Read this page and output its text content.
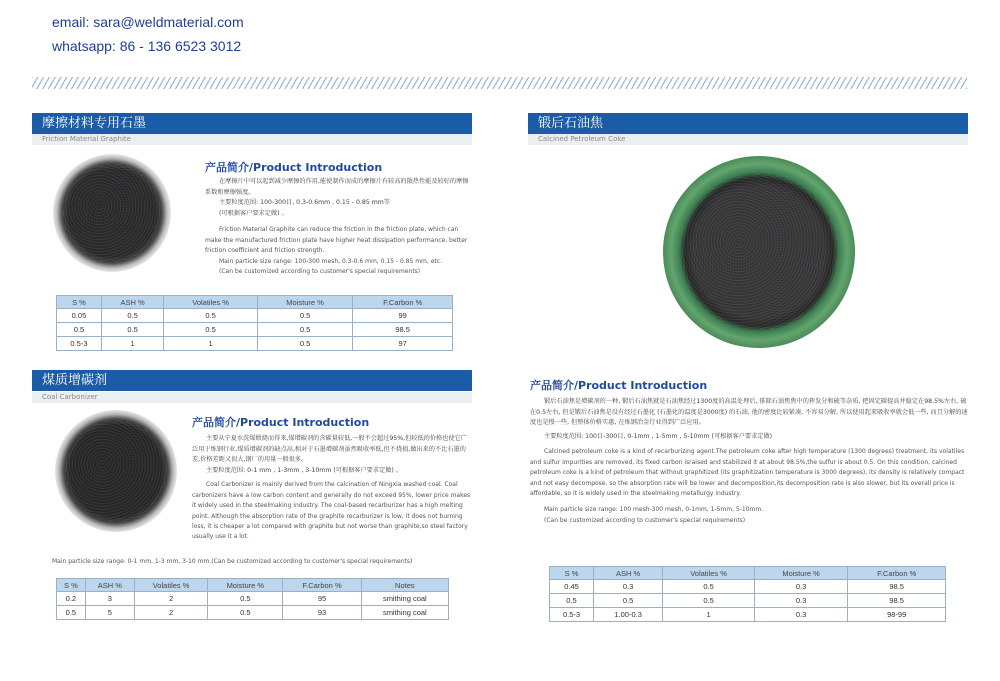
email: sara@weldmaterial.com
whatsapp: 86 - 136 6523 3012
摩擦材料专用石墨
Friction Material Graphite
产品简介/Product Introduction

在摩擦片中可以起到减少摩擦的作用,能使制作而成的摩擦片有较高的散热性能及较好的摩擦系数和摩擦强度。

主要粒度范围: 100-300目, 0.3-0.6mm , 0.15 - 0.85 mm等

(可根据客户要求定做) 。

Friction Material Graphite can reduce the friction in the friction plate, which can make the manufactured friction plate have higher heat dissipation performance, better friction coefficient and friction strength.

Main particle size range: 100-300 mesh, 0.3-0.6 mm, 0.15 - 0.85 mm, etc.

(Can be customized according to customer's special requirements)

S %	ASH %	Volatiles %	Moisture %	F.Carbon %
0.05	0.5	0.5	0.5	99
0.5	0.5	0.5	0.5	98.5
0.5-3	1	1	0.5	97
煤质增碳剂
Coal Carbonizer
产品简介/Product Introduction

主要从宁夏水洗煤煅烧而得来,煤增碳剂的含碳量较低,一般不会超过95%,但较低的价格也使它广泛用于炼钢行业,煤质增碳剂的缺点高,相对于石墨增碳剂虽然吸收率低,但不烧损,做出来的不比石墨的差,价格差距又很大,钢厂的用量一般很多。

主要粒度范围: 0-1 mm , 1-3mm , 3-10mm (可根据客户要求定做) 。

Coal Carbonizer is mainly derived from the calcination of Ningxia washed coal. Coal carbonizers have a low carbon content and generally do not exceed 95%, lower price makes it widely used in the steelmaking industry. The coal-based recarburizer has a high melting point. Although the absorption rate of the graphite recarburizer is low, it does not burning loss, it is cheaper a lot compared with graphite but not worse than graphite,so steel factory usually use it a lot.

Main particle size range: 0-1 mm, 1-3 mm, 3-10 mm.(Can be customized according to customer's special requirements)
S %	ASH %	Volatiles %	Moisture %	F.Carbon %	Notes
0.2	3	2	0.5	95	smithing coal
0.5	5	2	0.5	93	smithing coal
锻后石油焦
Calcined Petroleum Coke
产品简介/Product Introduction

锻后石油焦是增碳剂的一种, 锻后石油焦就是石油焦经过1300度的高温处理后, 排除石油焦焦中的挥发分和硫等杂质, 把固定碳提高并稳定在98.5%左右, 硫在0.5左右, 但是锻后石油焦是没有经过石墨化 (石墨化的温度是3000度) 的石油, 他的密度比较紧凑, 不容易分解, 所以使用起来吸收率就会低一些, 而且分解的速度也是慢一些, 但整体价格实惠, 在炼钢冶金行业得到广泛应用。

主要粒度范围: 100目-300目, 0-1mm , 1-5mm , 5-10mm (可根据客户要求定做)

Calcined petroleum coke is a kind of recarburizing agent.The petroleum coke after high temperature (1300 degrees) treatment, its volatiles and sulfur impurities are removed, its fixed carbon israised and stabilized it at about 98.5%,the sulfur is about 0.5. On this condition, calcined petroleum coke is a kind of petroleum that without graphitized (its graphitization temperature is 3000 degrees), its density is relatively compact and not easy decompose, so the absorption rate will be lower and decomposition,its decomposition rate is also slower, but its overall price is affordable, so it is widely used in the steelmaking metallurgy industry.

Main particle size range: 100 mesh-300 mesh, 0-1mm, 1-5mm, 5-10mm.

(Can be customized according to customer's special requirements)

S %	ASH %	Volatiles %	Moisture %	F.Carbon %
0.45	0.3	0.5	0.3	98.5
0.5	0.5	0.5	0.3	98.5
0.5-3	1.00-0.3	1	0.3	98-99
